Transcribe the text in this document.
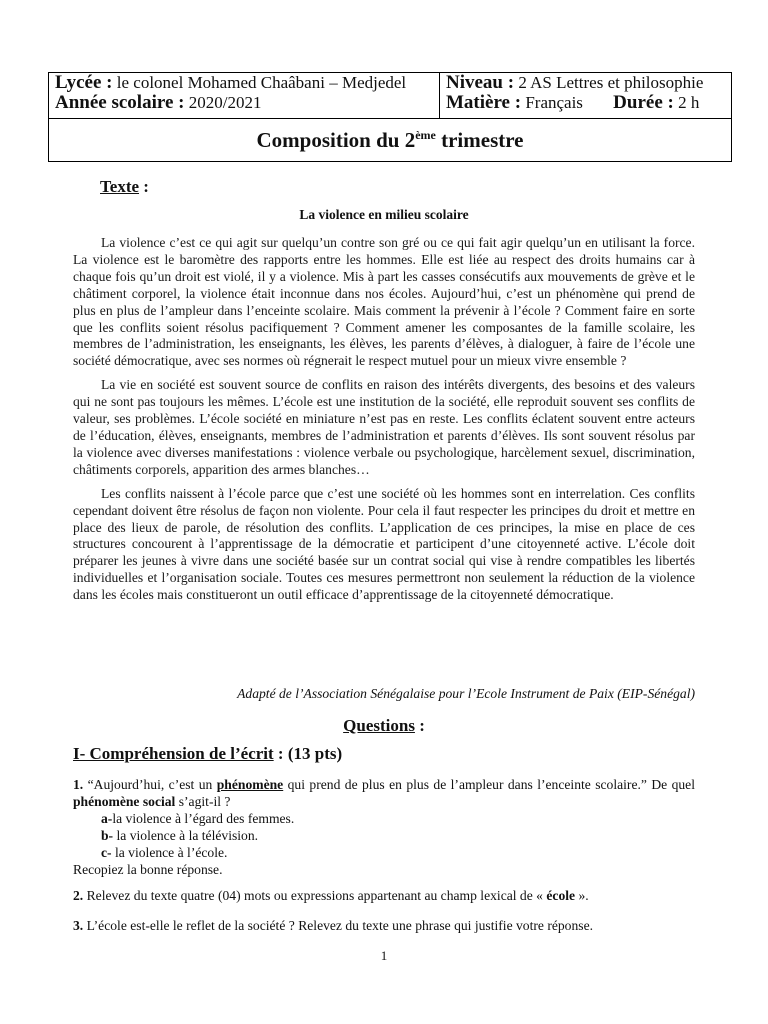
Lycée : le colonel Mohamed Chaâbani – Medjedel
Année scolaire : 2020/2021

Niveau : 2 AS Lettres et philosophie
Matière : Français Durée : 2 h

Composition du 2ème trimestre
Texte :
La violence en milieu scolaire

La violence c’est ce qui agit sur quelqu’un contre son gré ou ce qui fait agir quelqu’un en utilisant la force. La violence est le baromètre des rapports entre les hommes. Elle est liée au respect des droits humains car à chaque fois qu’un droit est violé, il y a violence. Mis à part les casses consécutifs aux mouvements de grève et le châtiment corporel, la violence était inconnue dans nos écoles. Aujourd’hui, c’est un phénomène qui prend de plus en plus de l’ampleur dans l’enceinte scolaire. Mais comment la prévenir à l’école ? Comment faire en sorte que les conflits soient résolus pacifiquement ? Comment amener les composantes de la famille scolaire, les membres de l’administration, les enseignants, les élèves, les parents d’élèves, à dialoguer, à faire de l’école une société démocratique, avec ses normes où régnerait le respect mutuel pour un mieux vivre ensemble ?

La vie en société est souvent source de conflits en raison des intérêts divergents, des besoins et des valeurs qui ne sont pas toujours les mêmes. L’école est une institution de la société, elle reproduit souvent ses conflits de valeur, ses problèmes. L’école société en miniature n’est pas en reste. Les conflits éclatent souvent entre acteurs de l’éducation, élèves, enseignants, membres de l’administration et parents d’élèves. Ils sont souvent résolus par la violence avec diverses manifestations : violence verbale ou psychologique, harcèlement sexuel, discrimination, châtiments corporels, apparition des armes blanches…

Les conflits naissent à l’école parce que c’est une société où les hommes sont en interrelation. Ces conflits cependant doivent être résolus de façon non violente. Pour cela il faut respecter les principes du droit et mettre en place des lieux de parole, de résolution des conflits. L’application de ces principes, la mise en place de ces structures concourent à l’apprentissage de la démocratie et participent d’une citoyenneté active. L’école doit préparer les jeunes à vivre dans une société basée sur un contrat social qui vise à rendre compatibles les libertés individuelles et l’organisation sociale. Toutes ces mesures permettront non seulement la réduction de la violence dans les écoles mais constitueront un outil efficace d’apprentissage de la citoyenneté démocratique.

Adapté de l’Association Sénégalaise pour l’Ecole Instrument de Paix (EIP-Sénégal)
Questions :
I- Compréhension de l’écrit : (13 pts)
1. “Aujourd’hui, c’est un phénomène qui prend de plus en plus de l’ampleur dans l’enceinte scolaire.” De quel phénomène social s’agit-il ?
a-la violence à l’égard des femmes.
b- la violence à la télévision.
c- la violence à l’école.
Recopiez la bonne réponse.
2. Relevez du texte quatre (04) mots ou expressions appartenant au champ lexical de « école ».
3. L’école est-elle le reflet de la société ? Relevez du texte une phrase qui justifie votre réponse.
1
